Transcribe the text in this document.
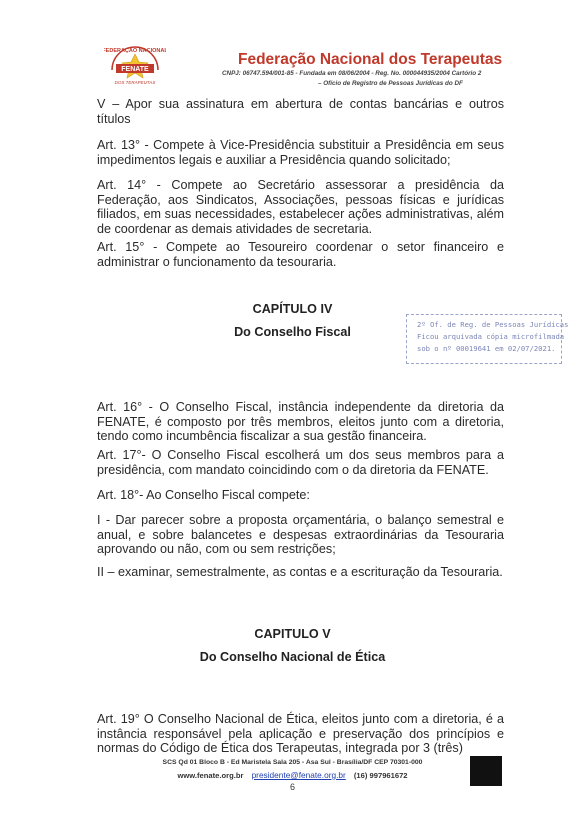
FEDERAÇÃO NACIONAL
FENATE
DOS TERAPEUTAS
Federação Nacional dos Terapeutas
CNPJ: 06747.594/001-85 - Fundada em 08/06/2004 - Reg. No. 000044935/2004 Cartório 2
– Ofício de Registro de Pessoas Jurídicas do DF
V – Apor sua assinatura em abertura de contas bancárias e outros títulos
Art. 13° - Compete à Vice-Presidência substituir a Presidência em seus impedimentos legais e auxiliar a Presidência quando solicitado;
Art. 14° - Compete ao Secretário assessorar a presidência da Federação, aos Sindicatos, Associações, pessoas físicas e jurídicas filiados, em suas necessidades, estabelecer ações administrativas, além de coordenar as demais atividades de secretaria.
Art. 15° - Compete ao Tesoureiro coordenar o setor financeiro e administrar o funcionamento da tesouraria.
CAPÍTULO IV
Do Conselho Fiscal
2º Of. de Reg. de Pessoas Jurídicas
Ficou arquivada cópia microfilmada
sob o nº 00019641 em 02/07/2021.
Art. 16° - O Conselho Fiscal, instância independente da diretoria da FENATE, é composto por três membros, eleitos junto com a diretoria, tendo como incumbência fiscalizar a sua gestão financeira.
Art. 17°- O Conselho Fiscal escolherá um dos seus membros para a presidência, com mandato coincidindo com o da diretoria da FENATE.
Art. 18°- Ao Conselho Fiscal compete:
I - Dar parecer sobre a proposta orçamentária, o balanço semestral e anual, e sobre balancetes e despesas extraordinárias da Tesouraria aprovando ou não, com ou sem restrições;
II – examinar, semestralmente, as contas e a escrituração da Tesouraria.
CAPITULO V
Do Conselho Nacional de Ética
Art. 19° O Conselho Nacional de Ética, eleitos junto com a diretoria, é a instância responsável pela aplicação e preservação dos princípios e normas do Código de Ética dos Terapeutas, integrada por 3 (três)
SCS Qd 01 Bloco B - Ed Maristela Sala 205 - Asa Sul - Brasília/DF CEP 70301-000
www.fenate.org.br presidente@fenate.org.br (16) 997961672
6
